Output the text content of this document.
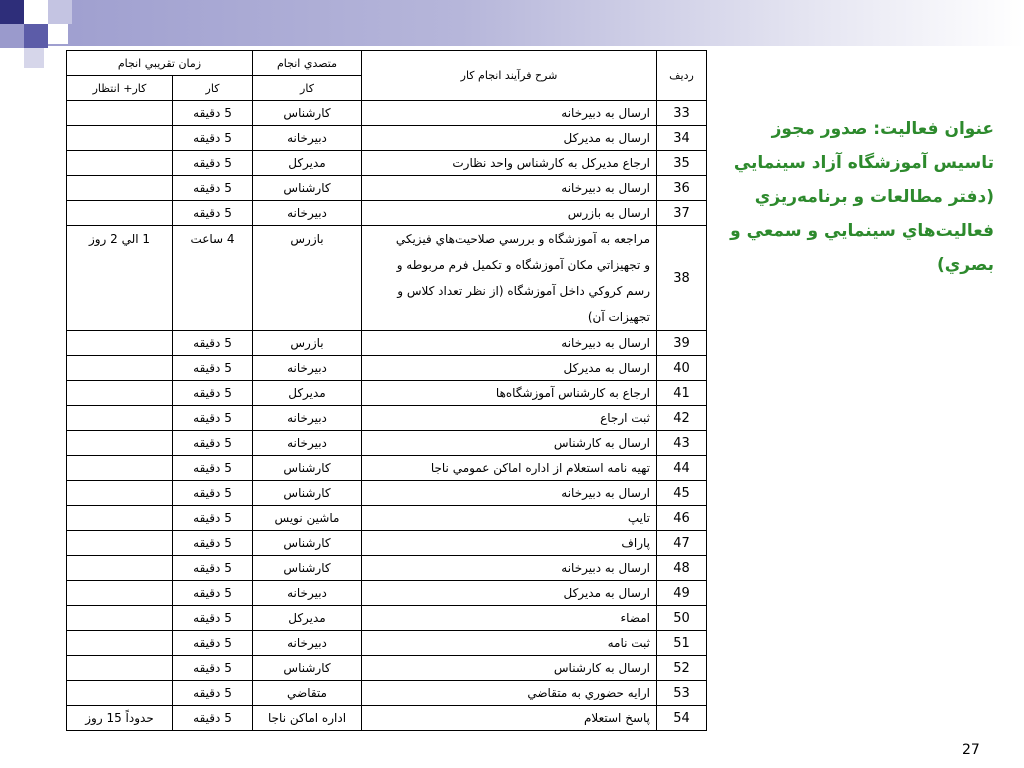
رديف	شرح فرآيند انجام كار	متصدي انجام	زمان تقريبي انجام	
		كار	كار	كار+ انتظار
33	ارسال به دبيرخانه	كارشناس	5 دقيقه	
34	ارسال به مديركل	دبيرخانه	5 دقيقه	
35	ارجاع مديركل به كارشناس واحد نظارت	مديركل	5 دقيقه	
36	ارسال به دبيرخانه	كارشناس	5 دقيقه	
37	ارسال به بازرس	دبيرخانه	5 دقيقه	
38	مراجعه به آموزشگاه و بررسي صلاحيت‌هاي فيزيكي
و تجهيزاتي مكان آموزشگاه و تكميل فرم مربوطه و
رسم كروكي داخل آموزشگاه (از نظر تعداد كلاس و
تجهيزات آن)	بازرس	4 ساعت	1 الي 2 روز
39	ارسال به دبيرخانه	بازرس	5 دقيقه	
40	ارسال به مديركل	دبيرخانه	5 دقيقه	
41	ارجاع به كارشناس آموزشگاه‌ها	مديركل	5 دقيقه	
42	ثبت ارجاع	دبيرخانه	5 دقيقه	
43	ارسال به كارشناس	دبيرخانه	5 دقيقه	
44	تهيه نامه استعلام از اداره اماكن عمومي ناجا	كارشناس	5 دقيقه	
45	ارسال به دبيرخانه	كارشناس	5 دقيقه	
46	تايپ	ماشين نويس	5 دقيقه	
47	پاراف	كارشناس	5 دقيقه	
48	ارسال به دبيرخانه	كارشناس	5 دقيقه	
49	ارسال به مديركل	دبيرخانه	5 دقيقه	
50	امضاء	مديركل	5 دقيقه	
51	ثبت نامه	دبيرخانه	5 دقيقه	
52	ارسال به كارشناس	كارشناس	5 دقيقه	
53	ارايه حضوري به متقاضي	متقاضي	5 دقيقه	
54	پاسخ استعلام	اداره اماكن ناجا	5 دقيقه	حدوداً 15 روز
عنوان فعاليت: صدور مجوز
تاسيس آموزشگاه آزاد سينمايي
(دفتر مطالعات و برنامه‌ريزي
فعاليت‌هاي سينمايي و سمعي و
بصري)
27
